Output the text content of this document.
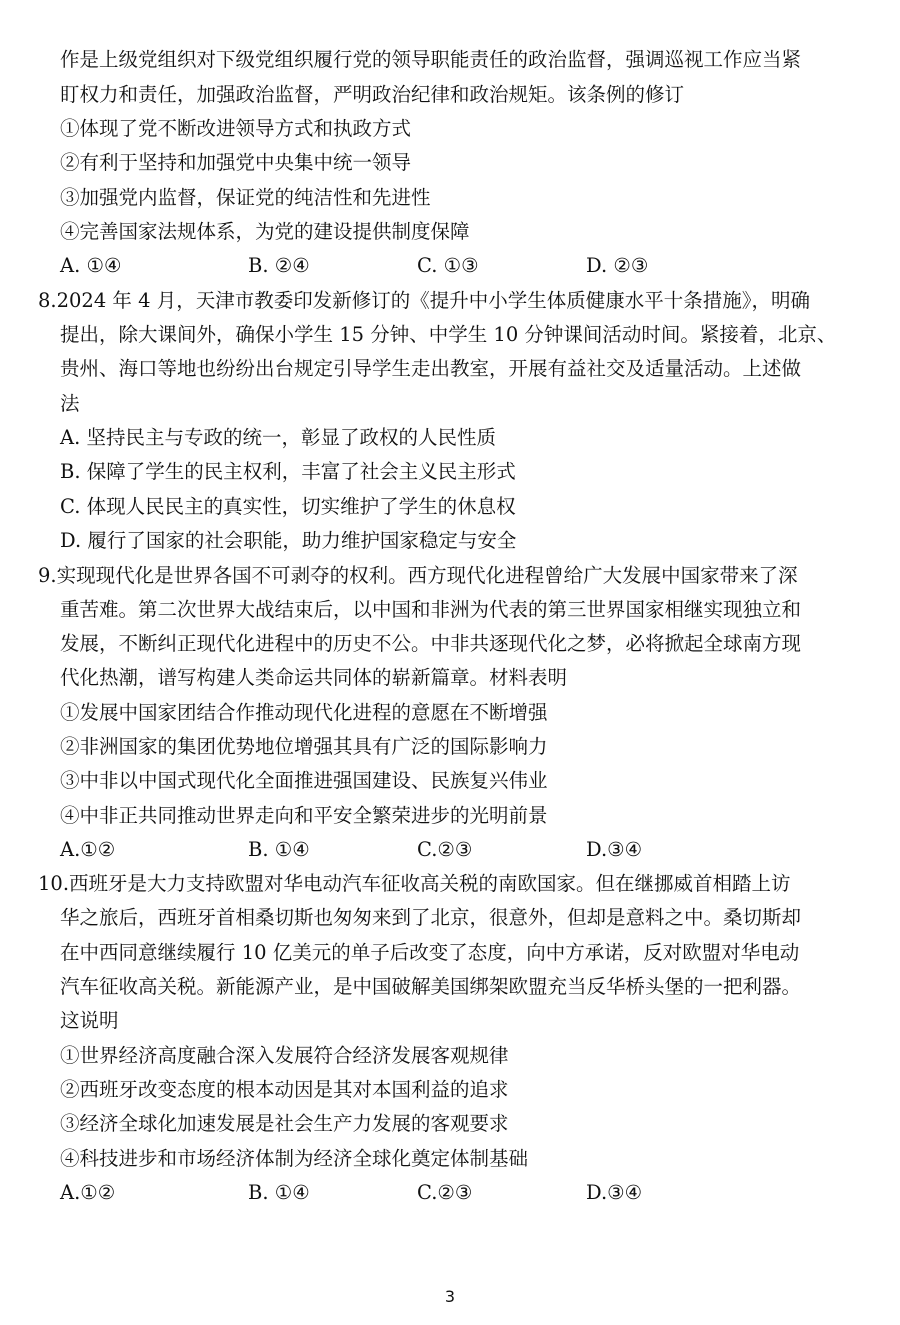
作是上级党组织对下级党组织履行党的领导职能责任的政治监督，强调巡视工作应当紧
盯权力和责任，加强政治监督，严明政治纪律和政治规矩。该条例的修订
①体现了党不断改进领导方式和执政方式
②有利于坚持和加强党中央集中统一领导
③加强党内监督，保证党的纯洁性和先进性
④完善国家法规体系，为党的建设提供制度保障
A. ①④	B. ②④	C. ①③	D. ②③
8.2024 年 4 月，天津市教委印发新修订的《提升中小学生体质健康水平十条措施》，明确
提出，除大课间外，确保小学生 15 分钟、中学生 10 分钟课间活动时间。紧接着，北京、
贵州、海口等地也纷纷出台规定引导学生走出教室，开展有益社交及适量活动。上述做
法
A. 坚持民主与专政的统一，彰显了政权的人民性质
B. 保障了学生的民主权利，丰富了社会主义民主形式
C. 体现人民民主的真实性，切实维护了学生的休息权
D. 履行了国家的社会职能，助力维护国家稳定与安全
9.实现现代化是世界各国不可剥夺的权利。西方现代化进程曾给广大发展中国家带来了深
重苦难。第二次世界大战结束后，以中国和非洲为代表的第三世界国家相继实现独立和
发展，不断纠正现代化进程中的历史不公。中非共逐现代化之梦，必将掀起全球南方现
代化热潮，谱写构建人类命运共同体的崭新篇章。材料表明
①发展中国家团结合作推动现代化进程的意愿在不断增强
②非洲国家的集团优势地位增强其具有广泛的国际影响力
③中非以中国式现代化全面推进强国建设、民族复兴伟业
④中非正共同推动世界走向和平安全繁荣进步的光明前景
A.①②	B. ①④	C.②③	D.③④
10.西班牙是大力支持欧盟对华电动汽车征收高关税的南欧国家。但在继挪威首相踏上访
华之旅后，西班牙首相桑切斯也匆匆来到了北京，很意外，但却是意料之中。桑切斯却
在中西同意继续履行 10 亿美元的单子后改变了态度，向中方承诺，反对欧盟对华电动
汽车征收高关税。新能源产业，是中国破解美国绑架欧盟充当反华桥头堡的一把利器。
这说明
①世界经济高度融合深入发展符合经济发展客观规律
②西班牙改变态度的根本动因是其对本国利益的追求
③经济全球化加速发展是社会生产力发展的客观要求
④科技进步和市场经济体制为经济全球化奠定体制基础
A.①②	B. ①④	C.②③	D.③④
3
